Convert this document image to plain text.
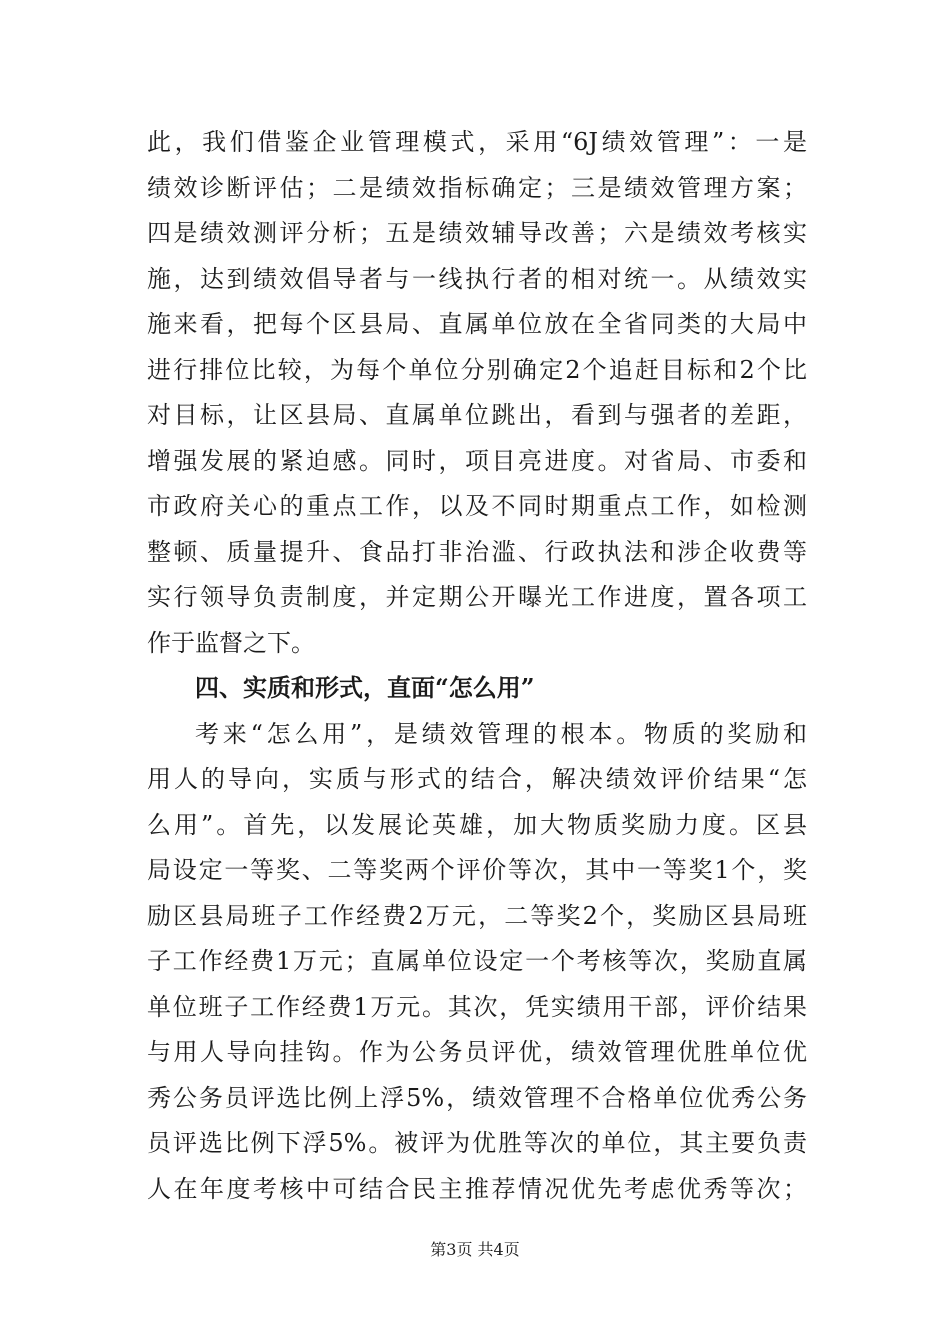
此，我们借鉴企业管理模式，采用“6J绩效管理”：一是
绩效诊断评估；二是绩效指标确定；三是绩效管理方案；
四是绩效测评分析；五是绩效辅导改善；六是绩效考核实
施，达到绩效倡导者与一线执行者的相对统一。从绩效实
施来看，把每个区县局、直属单位放在全省同类的大局中
进行排位比较，为每个单位分别确定2个追赶目标和2个比
对目标，让区县局、直属单位跳出，看到与强者的差距，
增强发展的紧迫感。同时，项目亮进度。对省局、市委和
市政府关心的重点工作，以及不同时期重点工作，如检测
整顿、质量提升、食品打非治滥、行政执法和涉企收费等
实行领导负责制度，并定期公开曝光工作进度，置各项工
作于监督之下。
四、实质和形式，直面“怎么用”
考来“怎么用”，是绩效管理的根本。物质的奖励和
用人的导向，实质与形式的结合，解决绩效评价结果“怎
么用”。首先，以发展论英雄，加大物质奖励力度。区县
局设定一等奖、二等奖两个评价等次，其中一等奖1个，奖
励区县局班子工作经费2万元，二等奖2个，奖励区县局班
子工作经费1万元；直属单位设定一个考核等次，奖励直属
单位班子工作经费1万元。其次，凭实绩用干部，评价结果
与用人导向挂钩。作为公务员评优，绩效管理优胜单位优
秀公务员评选比例上浮5%，绩效管理不合格单位优秀公务
员评选比例下浮5%。被评为优胜等次的单位，其主要负责
人在年度考核中可结合民主推荐情况优先考虑优秀等次；
第3页 共4页
